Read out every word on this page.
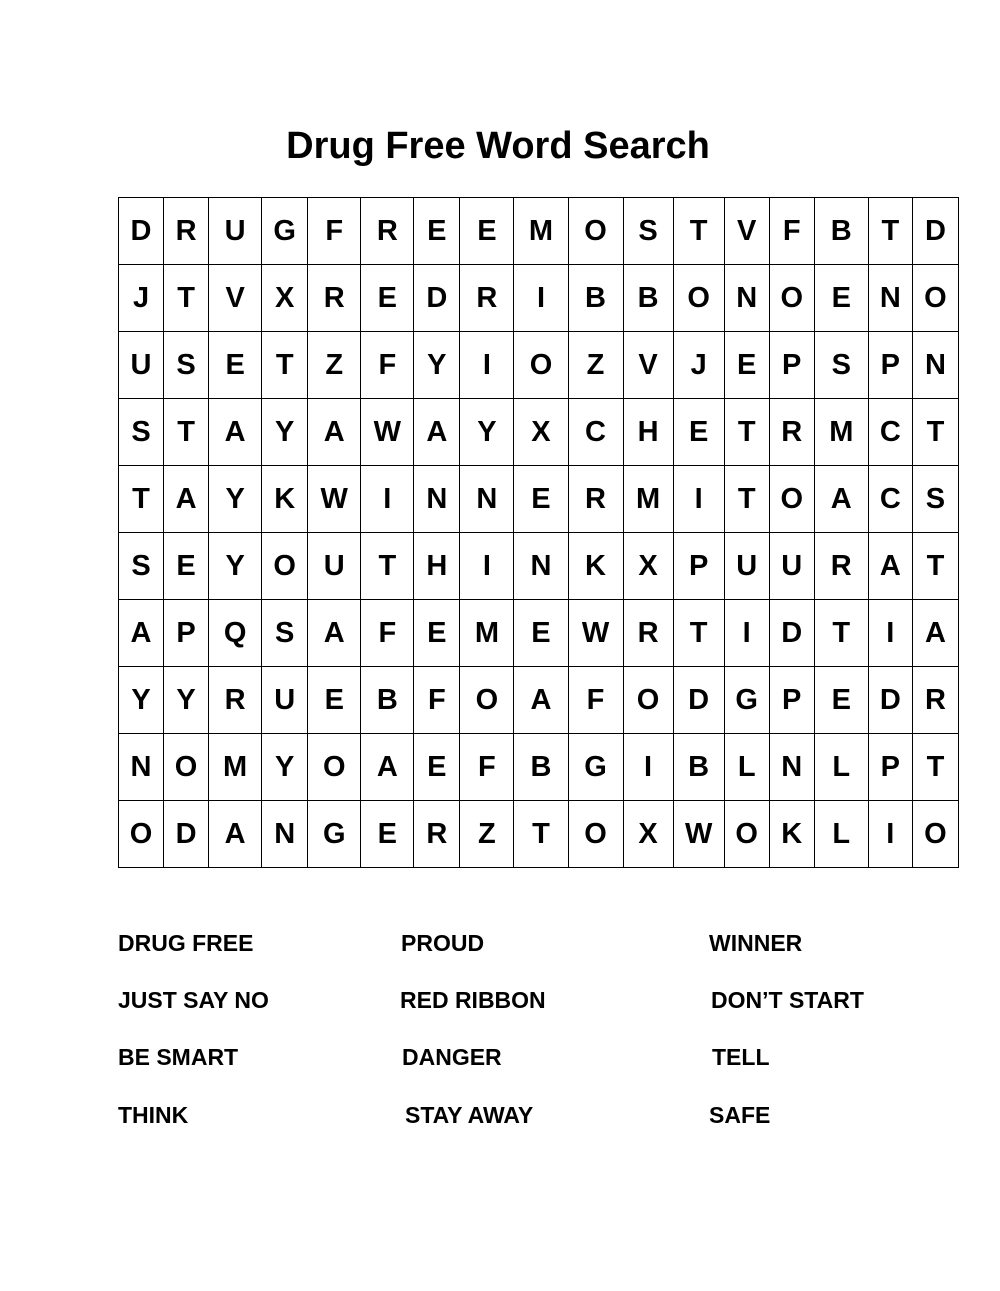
Drug Free Word Search
D	R	U	G	F	R	E	E	M	O	S	T	V	F	B	T	D
J	T	V	X	R	E	D	R	I	B	B	O	N	O	E	N	O
U	S	E	T	Z	F	Y	I	O	Z	V	J	E	P	S	P	N
S	T	A	Y	A	W	A	Y	X	C	H	E	T	R	M	C	T
T	A	Y	K	W	I	N	N	E	R	M	I	T	O	A	C	S
S	E	Y	O	U	T	H	I	N	K	X	P	U	U	R	A	T
A	P	Q	S	A	F	E	M	E	W	R	T	I	D	T	I	A
Y	Y	R	U	E	B	F	O	A	F	O	D	G	P	E	D	R
N	O	M	Y	O	A	E	F	B	G	I	B	L	N	L	P	T
O	D	A	N	G	E	R	Z	T	O	X	W	O	K	L	I	O
DRUG FREE	PROUD	WINNER
JUST SAY NO	RED RIBBON	DON’T START
BE SMART	DANGER	TELL
THINK	STAY AWAY	SAFE
